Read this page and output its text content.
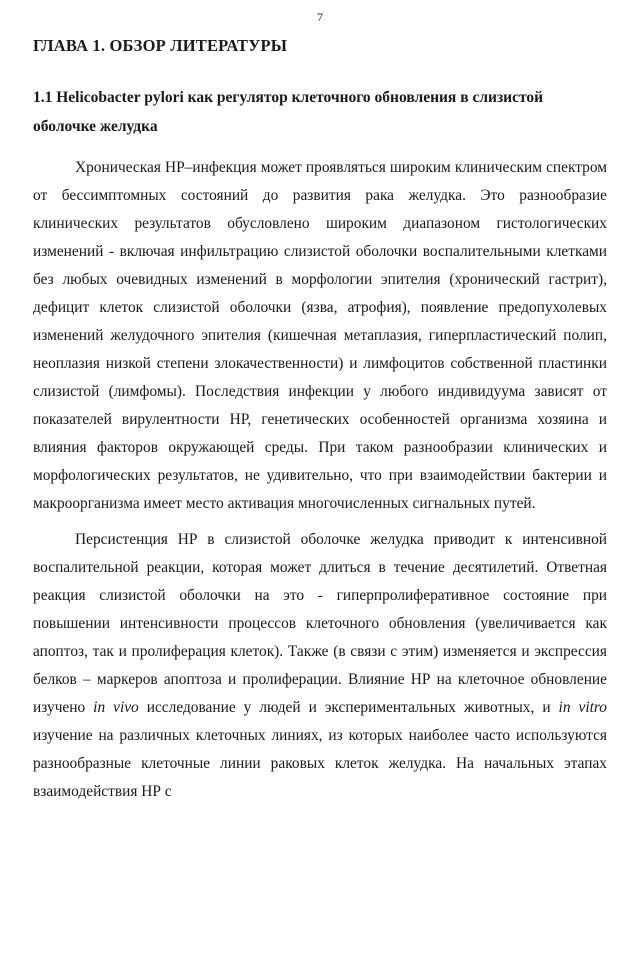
7
ГЛАВА 1. ОБЗОР ЛИТЕРАТУРЫ
1.1 Helicobacter pylori как регулятор клеточного обновления в слизистой оболочке желудка

Хроническая НР–инфекция может проявляться широким клиническим спектром от бессимптомных состояний до развития рака желудка. Это разнообразие клинических результатов обусловлено широким диапазоном гистологических изменений - включая инфильтрацию слизистой оболочки воспалительными клетками без любых очевидных изменений в морфологии эпителия (хронический гастрит), дефицит клеток слизистой оболочки (язва, атрофия), появление предопухолевых изменений желудочного эпителия (кишечная метаплазия, гиперпластический полип, неоплазия низкой степени злокачественности) и лимфоцитов собственной пластинки слизистой (лимфомы). Последствия инфекции у любого индивидуума зависят от показателей вирулентности НР, генетических особенностей организма хозяина и влияния факторов окружающей среды. При таком разнообразии клинических и морфологических результатов, не удивительно, что при взаимодействии бактерии и макроорганизма имеет место активация многочисленных сигнальных путей.

Персистенция НР в слизистой оболочке желудка приводит к интенсивной воспалительной реакции, которая может длиться в течение десятилетий. Ответная реакция слизистой оболочки на это - гиперпролиферативное состояние при повышении интенсивности процессов клеточного обновления (увеличивается как апоптоз, так и пролиферация клеток). Также (в связи с этим) изменяется и экспрессия белков – маркеров апоптоза и пролиферации. Влияние НР на клеточное обновление изучено in vivo исследование у людей и экспериментальных животных, и in vitro изучение на различных клеточных линиях, из которых наиболее часто используются разнообразные клеточные линии раковых клеток желудка. На начальных этапах взаимодействия НР с
